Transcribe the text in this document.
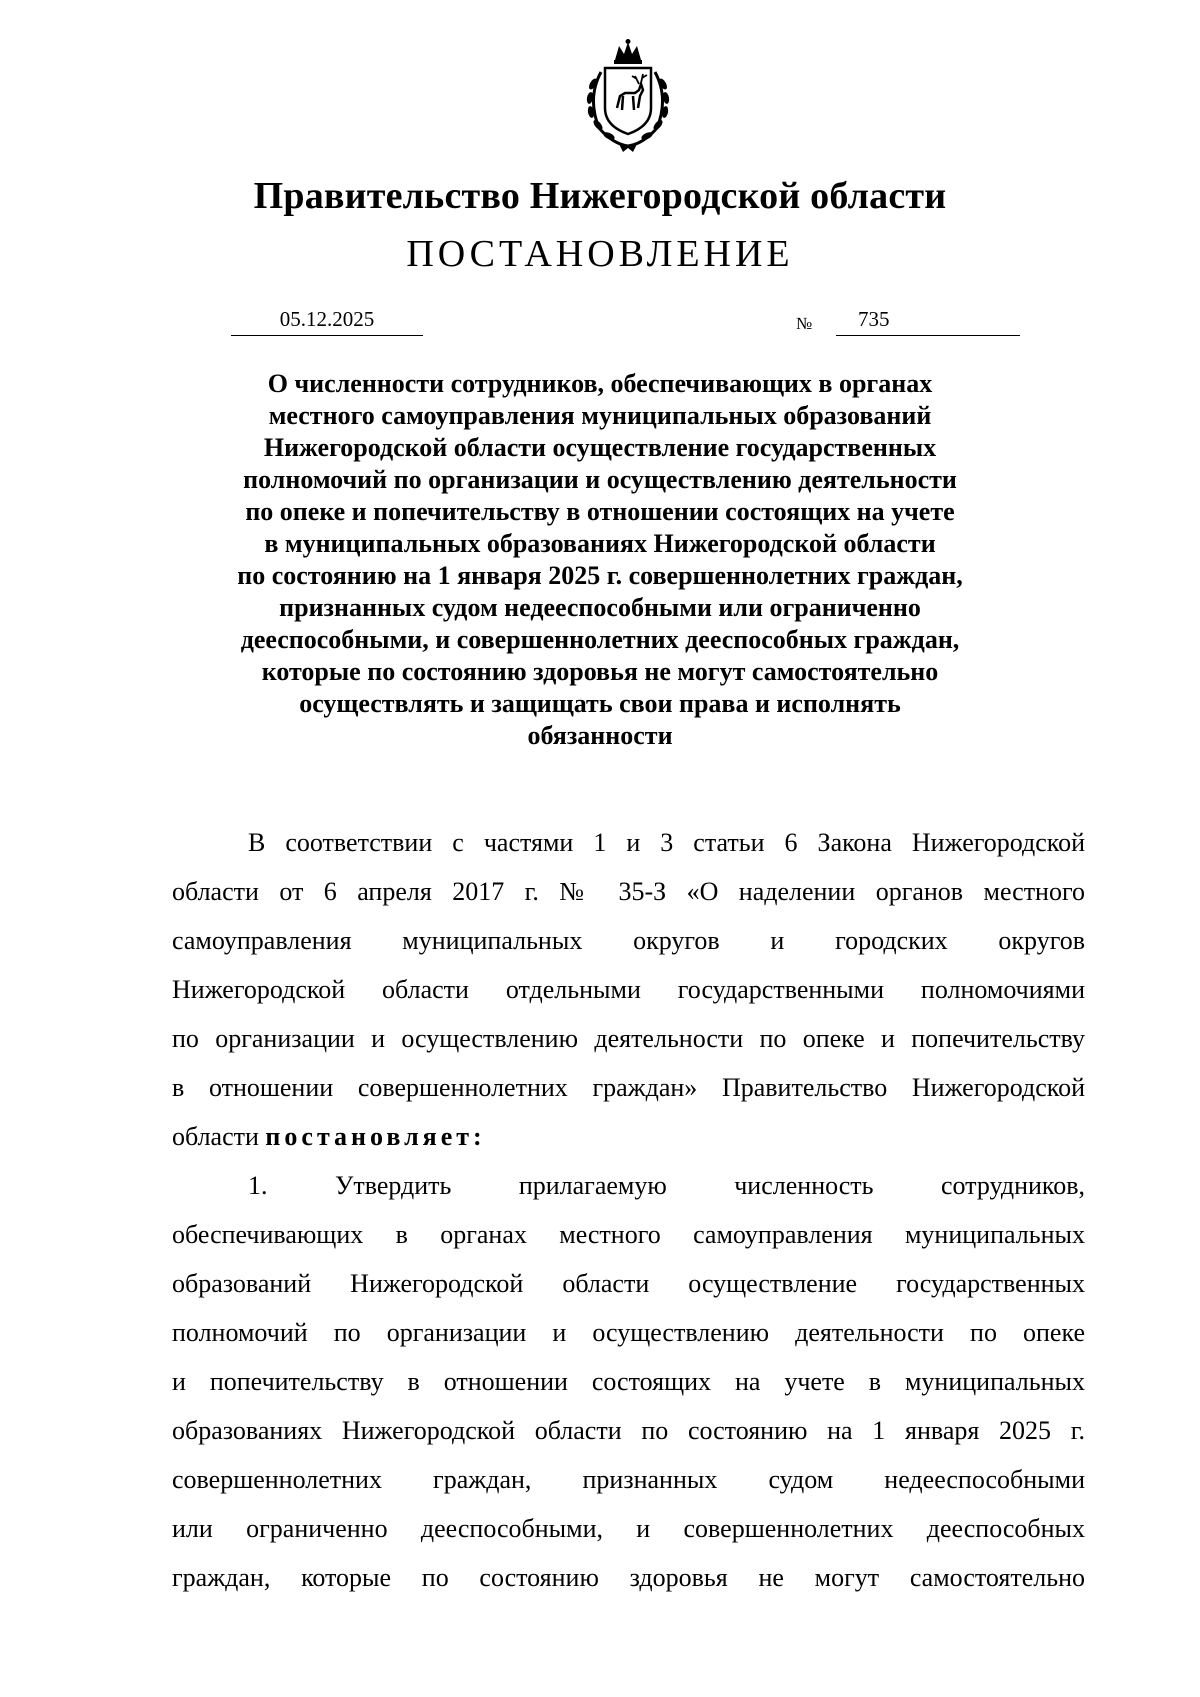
Правительство Нижегородской области
ПОСТАНОВЛЕНИЕ
05.12.2025	№ 735
О численности сотрудников, обеспечивающих в органах
местного самоуправления муниципальных образований
Нижегородской области осуществление государственных
полномочий по организации и осуществлению деятельности
по опеке и попечительству в отношении состоящих на учете
в муниципальных образованиях Нижегородской области
по состоянию на 1 января 2025 г. совершеннолетних граждан,
признанных судом недееспособными или ограниченно
дееспособными, и совершеннолетних дееспособных граждан,
которые по состоянию здоровья не могут самостоятельно
осуществлять и защищать свои права и исполнять
обязанности
В соответствии с частями 1 и 3 статьи 6 Закона Нижегородской
области от 6 апреля 2017 г. № 35-З «О наделении органов местного
самоуправления муниципальных округов и городских округов
Нижегородской области отдельными государственными полномочиями
по организации и осуществлению деятельности по опеке и попечительству
в отношении совершеннолетних граждан» Правительство Нижегородской
области постановляет:
1. Утвердить прилагаемую численность сотрудников,
обеспечивающих в органах местного самоуправления муниципальных
образований Нижегородской области осуществление государственных
полномочий по организации и осуществлению деятельности по опеке
и попечительству в отношении состоящих на учете в муниципальных
образованиях Нижегородской области по состоянию на 1 января 2025 г.
совершеннолетних граждан, признанных судом недееспособными
или ограниченно дееспособными, и совершеннолетних дееспособных
граждан, которые по состоянию здоровья не могут самостоятельно
